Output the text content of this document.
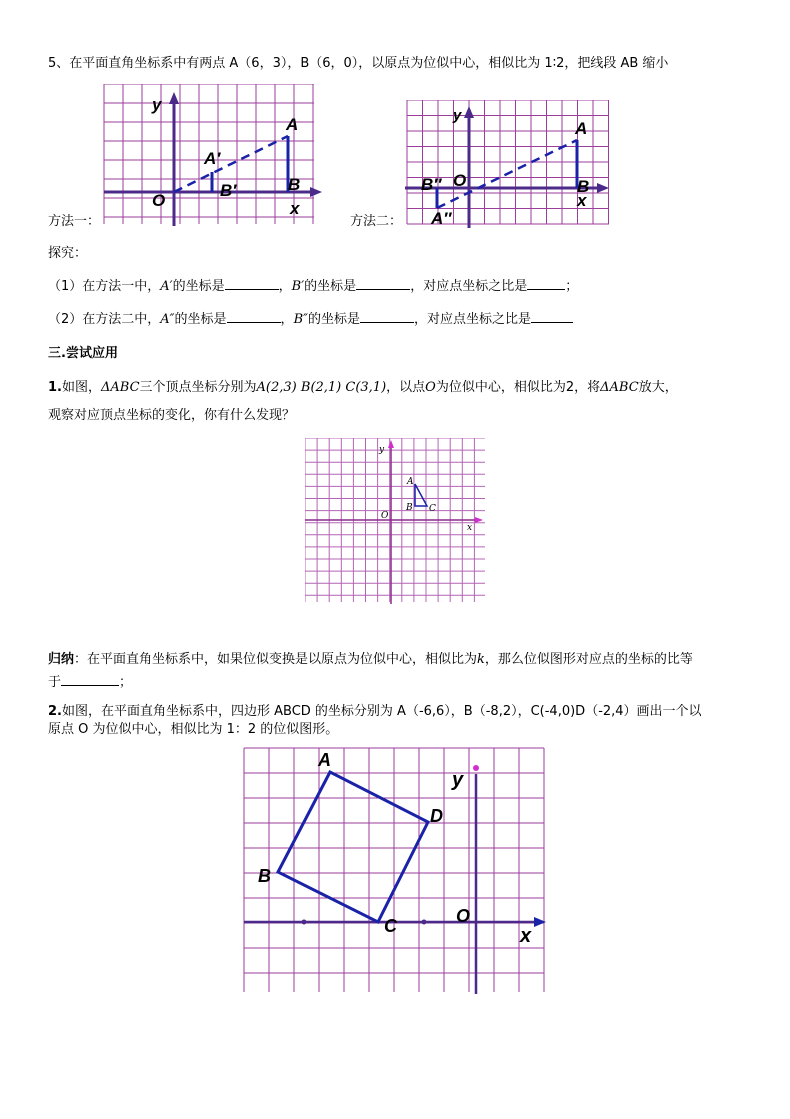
5、在平面直角坐标系中有两点 A（6，3），B（6，0），以原点为位似中心，相似比为 1∶2，把线段 AB 缩小
y
x
O
A
B
A′
B′
方法一：
y
x
O
A
B
A″
B″
方法二：
探究：
（1）在方法一中，A′的坐标是	，B′的坐标是	，对应点坐标之比是	；
（2）在方法二中，A″的坐标是	，B″的坐标是	，对应点坐标之比是
三.尝试应用
1.如图，ΔABC三个顶点坐标分别为A(2,3) B(2,1) C(3,1)，以点O为位似中心，相似比为2，将ΔABC放大，
观察对应顶点坐标的变化，你有什么发现？
y
x
O
A
B C
归纳：在平面直角坐标系中，如果位似变换是以原点为位似中心，相似比为k，那么位似图形对应点的坐标的比等
于	；
2.如图，在平面直角坐标系中，四边形 ABCD 的坐标分别为 A（-6,6），B（-8,2），C(-4,0)D（-2,4）画出一个以
原点 O 为位似中心，相似比为 1：2 的位似图形。
y
x
O
A
B
C
D
